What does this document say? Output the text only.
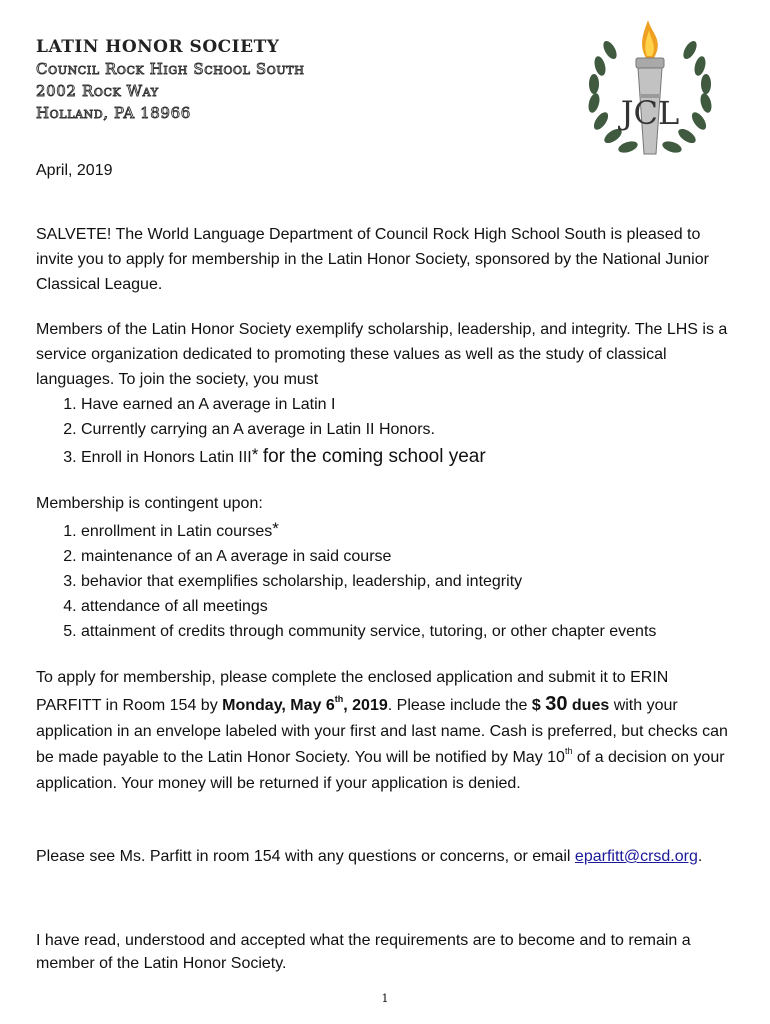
LATIN HONOR SOCIETY
Council Rock High School South
2002 Rock Way
Holland, PA 18966	JCL
April, 2019

SALVETE! The World Language Department of Council Rock High School South is pleased to invite you to apply for membership in the Latin Honor Society, sponsored by the National Junior Classical League.

Members of the Latin Honor Society exemplify scholarship, leadership, and integrity. The LHS is a service organization dedicated to promoting these values as well as the study of classical languages. To join the society, you must

1. Have earned an A average in Latin I
2. Currently carrying an A average in Latin II Honors.
3. Enroll in Honors Latin III* for the coming school year

Membership is contingent upon:

1. enrollment in Latin courses*
2. maintenance of an A average in said course
3. behavior that exemplifies scholarship, leadership, and integrity
4. attendance of all meetings
5. attainment of credits through community service, tutoring, or other chapter events

To apply for membership, please complete the enclosed application and submit it to ERIN PARFITT in Room 154 by Monday, May 6th, 2019. Please include the $ 30 dues with your application in an envelope labeled with your first and last name. Cash is preferred, but checks can be made payable to the Latin Honor Society. You will be notified by May 10th of a decision on your application. Your money will be returned if your application is denied.

Please see Ms. Parfitt in room 154 with any questions or concerns, or email eparfitt@crsd.org.

I have read, understood and accepted what the requirements are to become and to remain a member of the Latin Honor Society.

1
